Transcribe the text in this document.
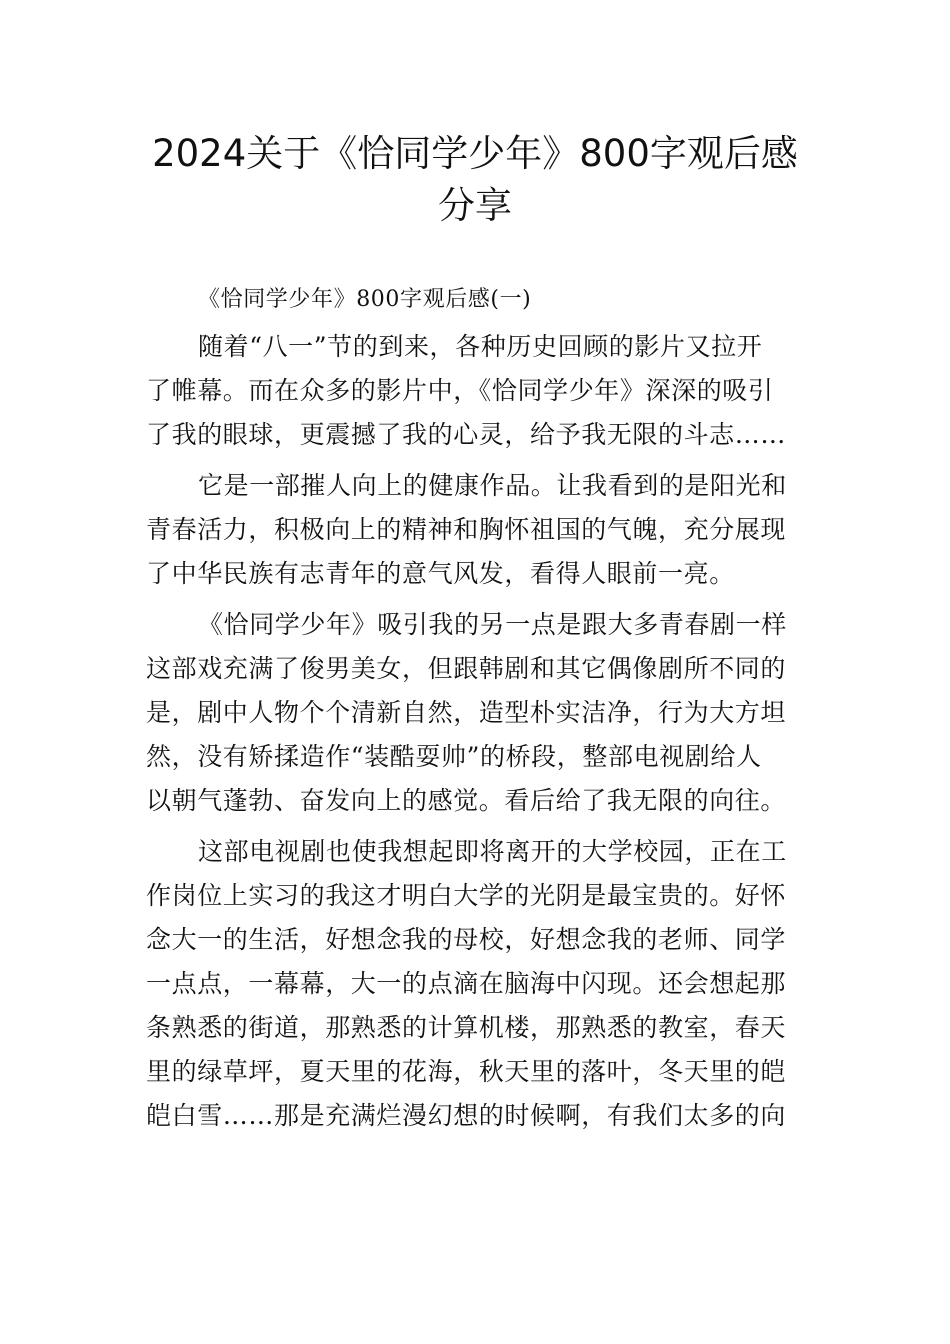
2024关于《恰同学少年》800字观后感
分享
《恰同学少年》800字观后感(一)
随着“八一”节的到来，各种历史回顾的影片又拉开
了帷幕。而在众多的影片中，《恰同学少年》深深的吸引
了我的眼球，更震撼了我的心灵，给予我无限的斗志……
它是一部摧人向上的健康作品。让我看到的是阳光和
青春活力，积极向上的精神和胸怀祖国的气魄，充分展现
了中华民族有志青年的意气风发，看得人眼前一亮。
《恰同学少年》吸引我的另一点是跟大多青春剧一样
这部戏充满了俊男美女，但跟韩剧和其它偶像剧所不同的
是，剧中人物个个清新自然，造型朴实洁净，行为大方坦
然，没有矫揉造作“装酷耍帅”的桥段，整部电视剧给人
以朝气蓬勃、奋发向上的感觉。看后给了我无限的向往。
这部电视剧也使我想起即将离开的大学校园，正在工
作岗位上实习的我这才明白大学的光阴是最宝贵的。好怀
念大一的生活，好想念我的母校，好想念我的老师、同学
一点点，一幕幕，大一的点滴在脑海中闪现。还会想起那
条熟悉的街道，那熟悉的计算机楼，那熟悉的教室，春天
里的绿草坪，夏天里的花海，秋天里的落叶，冬天里的皑
皑白雪……那是充满烂漫幻想的时候啊，有我们太多的向
